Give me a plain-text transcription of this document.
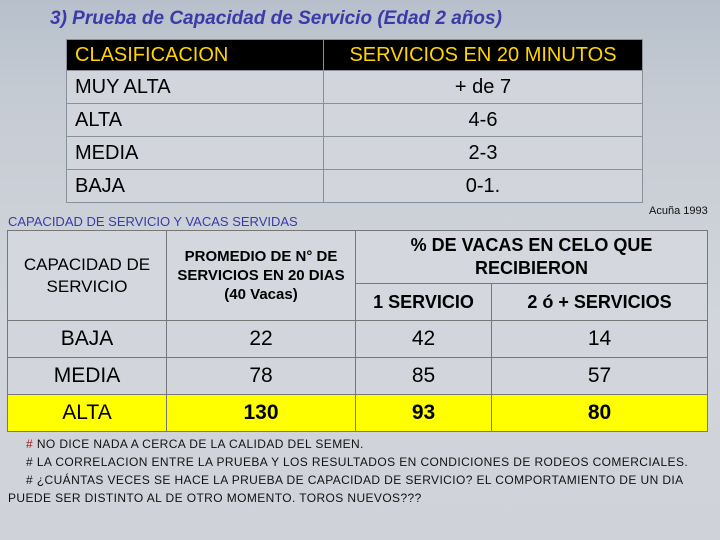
3) Prueba de Capacidad de Servicio (Edad 2 años)
CLASIFICACION	SERVICIOS EN 20 MINUTOS
MUY ALTA	+ de 7
ALTA	4-6
MEDIA	2-3
BAJA	0-1.
Acuña 1993
CAPACIDAD DE SERVICIO Y VACAS SERVIDAS
CAPACIDAD DE SERVICIO	PROMEDIO DE N° DE SERVICIOS EN 20 DIAS (40 Vacas)	% DE VACAS EN CELO QUE RECIBIERON	
		1 SERVICIO	2 ó + SERVICIOS
BAJA	22	42	14
MEDIA	78	85	57
ALTA	130	93	80
# NO DICE NADA A CERCA DE LA CALIDAD DEL SEMEN.
# LA CORRELACION ENTRE LA PRUEBA Y LOS RESULTADOS EN CONDICIONES DE RODEOS COMERCIALES.
# ¿CUÁNTAS VECES SE HACE LA PRUEBA DE CAPACIDAD DE SERVICIO? EL COMPORTAMIENTO DE UN DIA PUEDE SER DISTINTO AL DE OTRO MOMENTO. TOROS NUEVOS???
